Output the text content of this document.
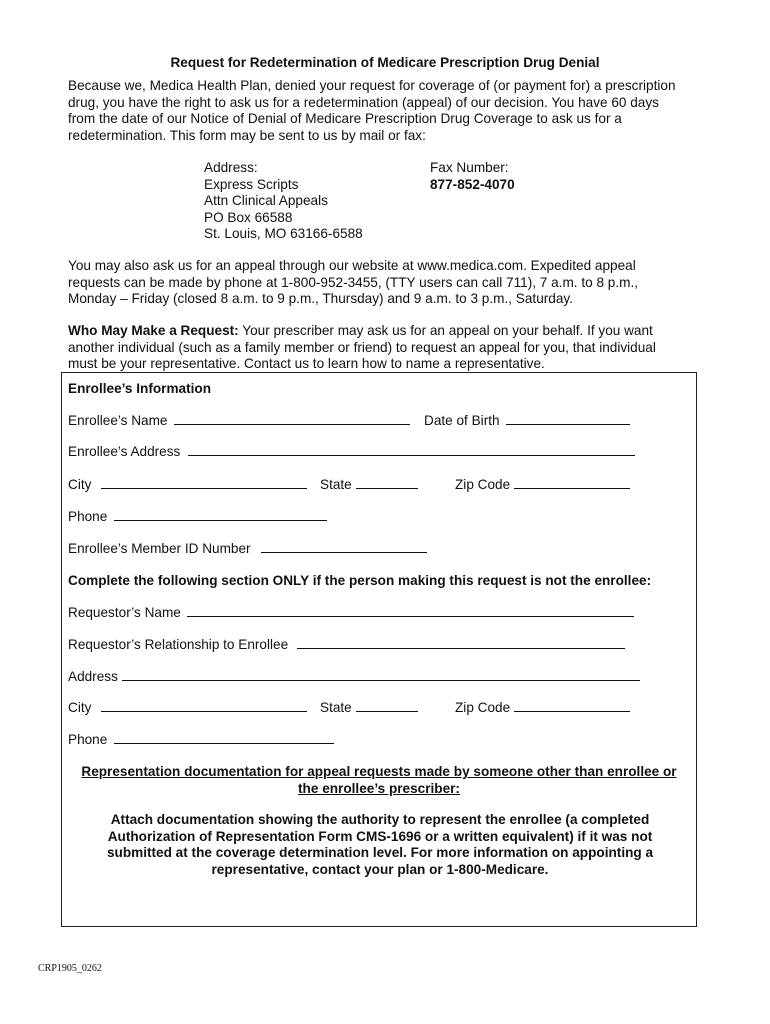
Request for Redetermination of Medicare Prescription Drug Denial
Because we, Medica Health Plan, denied your request for coverage of (or payment for) a prescription
drug, you have the right to ask us for a redetermination (appeal) of our decision. You have 60 days
from the date of our Notice of Denial of Medicare Prescription Drug Coverage to ask us for a
redetermination. This form may be sent to us by mail or fax:
Address:
Express Scripts
Attn Clinical Appeals
PO Box 66588
St. Louis, MO 63166-6588
Fax Number:
877-852-4070
You may also ask us for an appeal through our website at www.medica.com. Expedited appeal
requests can be made by phone at 1-800-952-3455, (TTY users can call 711), 7 a.m. to 8 p.m.,
Monday – Friday (closed 8 a.m. to 9 p.m., Thursday) and 9 a.m. to 3 p.m., Saturday.
Who May Make a Request: Your prescriber may ask us for an appeal on your behalf. If you want
another individual (such as a family member or friend) to request an appeal for you, that individual
must be your representative. Contact us to learn how to name a representative.
Enrollee’s Information
Enrollee’s Name	Date of Birth
Enrollee’s Address
City	State	Zip Code
Phone
Enrollee’s Member ID Number
Complete the following section ONLY if the person making this request is not the enrollee:
Requestor’s Name
Requestor’s Relationship to Enrollee
Address
City	State	Zip Code
Phone
Representation documentation for appeal requests made by someone other than enrollee or
the enrollee’s prescriber:
Attach documentation showing the authority to represent the enrollee (a completed
Authorization of Representation Form CMS-1696 or a written equivalent) if it was not
submitted at the coverage determination level. For more information on appointing a
representative, contact your plan or 1-800-Medicare.
CRP1905_0262
